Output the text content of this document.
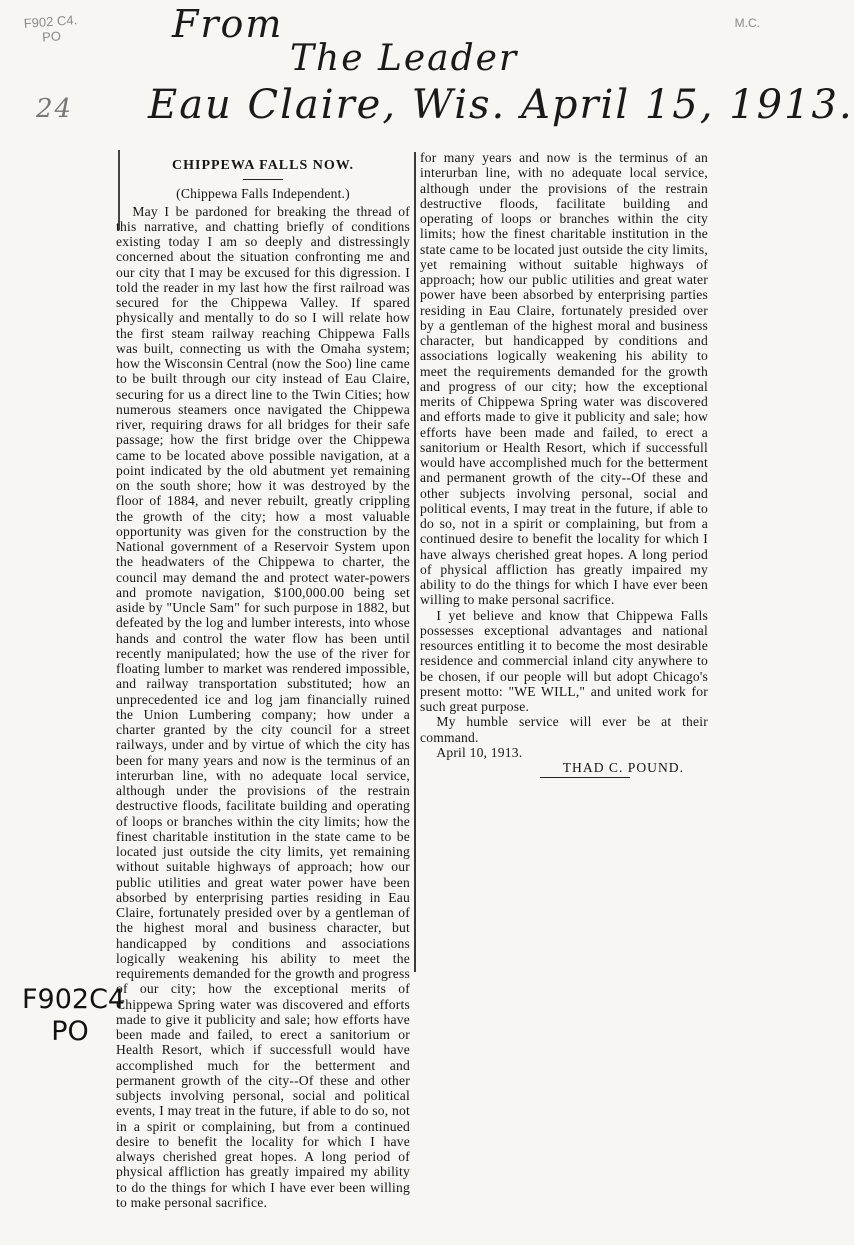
F902 C4.
PO
M.C.
From
The Leader
Eau Claire, Wis. April 15, 1913.
24
CHIPPEWA FALLS NOW.
(Chippewa Falls Independent.)

May I be pardoned for breaking the thread of this narrative, and chatting briefly of conditions existing today I am so deeply and distressingly concerned about the situation confronting me and our city that I may be excused for this digression. I told the reader in my last how the first railroad was secured for the Chippewa Valley. If spared physically and mentally to do so I will relate how the first steam railway reaching Chippewa Falls was built, connecting us with the Omaha system; how the Wisconsin Central (now the Soo) line came to be built through our city instead of Eau Claire, securing for us a direct line to the Twin Cities; how numerous steamers once navigated the Chippewa river, requiring draws for all bridges for their safe passage; how the first bridge over the Chippewa came to be located above possible navigation, at a point indicated by the old abutment yet remaining on the south shore; how it was destroyed by the floor of 1884, and never rebuilt, greatly crippling the growth of the city; how a most valuable opportunity was given for the construction by the National government of a Reservoir System upon the headwaters of the Chippewa to charter, the council may demand the and protect water-powers and promote navigation, $100,000.00 being set aside by "Uncle Sam" for such purpose in 1882, but defeated by the log and lumber interests, into whose hands and control the water flow has been until recently manipulated; how the use of the river for floating lumber to market was rendered impossible, and railway transportation substituted; how an unprecedented ice and log jam financially ruined the Union Lumbering company; how under a charter granted by the city council for a street railways, under and by virtue of which the city has been for many years and now is the terminus of an interurban line, with no adequate local service, although under the provisions of the restrain destructive floods, facilitate building and operating of loops or branches within the city limits; how the finest charitable institution in the state came to be located just outside the city limits, yet remaining without suitable highways of approach; how our public utilities and great water power have been absorbed by enterprising parties residing in Eau Claire, fortunately presided over by a gentleman of the highest moral and business character, but handicapped by conditions and associations logically weakening his ability to meet the requirements demanded for the growth and progress of our city; how the exceptional merits of Chippewa Spring water was discovered and efforts made to give it publicity and sale; how efforts have been made and failed, to erect a sanitorium or Health Resort, which if successfull would have accomplished much for the betterment and permanent growth of the city--Of these and other subjects involving personal, social and political events, I may treat in the future, if able to do so, not in a spirit or complaining, but from a continued desire to benefit the locality for which I have always cherished great hopes. A long period of physical affliction has greatly impaired my ability to do the things for which I have ever been willing to make personal sacrifice.

for many years and now is the terminus of an interurban line, with no adequate local service, although under the provisions of the restrain destructive floods, facilitate building and operating of loops or branches within the city limits; how the finest charitable institution in the state came to be located just outside the city limits, yet remaining without suitable highways of approach; how our public utilities and great water power have been absorbed by enterprising parties residing in Eau Claire, fortunately presided over by a gentleman of the highest moral and business character, but handicapped by conditions and associations logically weakening his ability to meet the requirements demanded for the growth and progress of our city; how the exceptional merits of Chippewa Spring water was discovered and efforts made to give it publicity and sale; how efforts have been made and failed, to erect a sanitorium or Health Resort, which if successfull would have accomplished much for the betterment and permanent growth of the city--Of these and other subjects involving personal, social and political events, I may treat in the future, if able to do so, not in a spirit or complaining, but from a continued desire to benefit the locality for which I have always cherished great hopes. A long period of physical affliction has greatly impaired my ability to do the things for which I have ever been willing to make personal sacrifice.

I yet believe and know that Chippewa Falls possesses exceptional advantages and national resources entitling it to become the most desirable residence and commercial inland city anywhere to be chosen, if our people will but adopt Chicago's present motto: "WE WILL," and united work for such great purpose.

My humble service will ever be at their command.

April 10, 1913.
THAD C. POUND.
F902C4
PO
